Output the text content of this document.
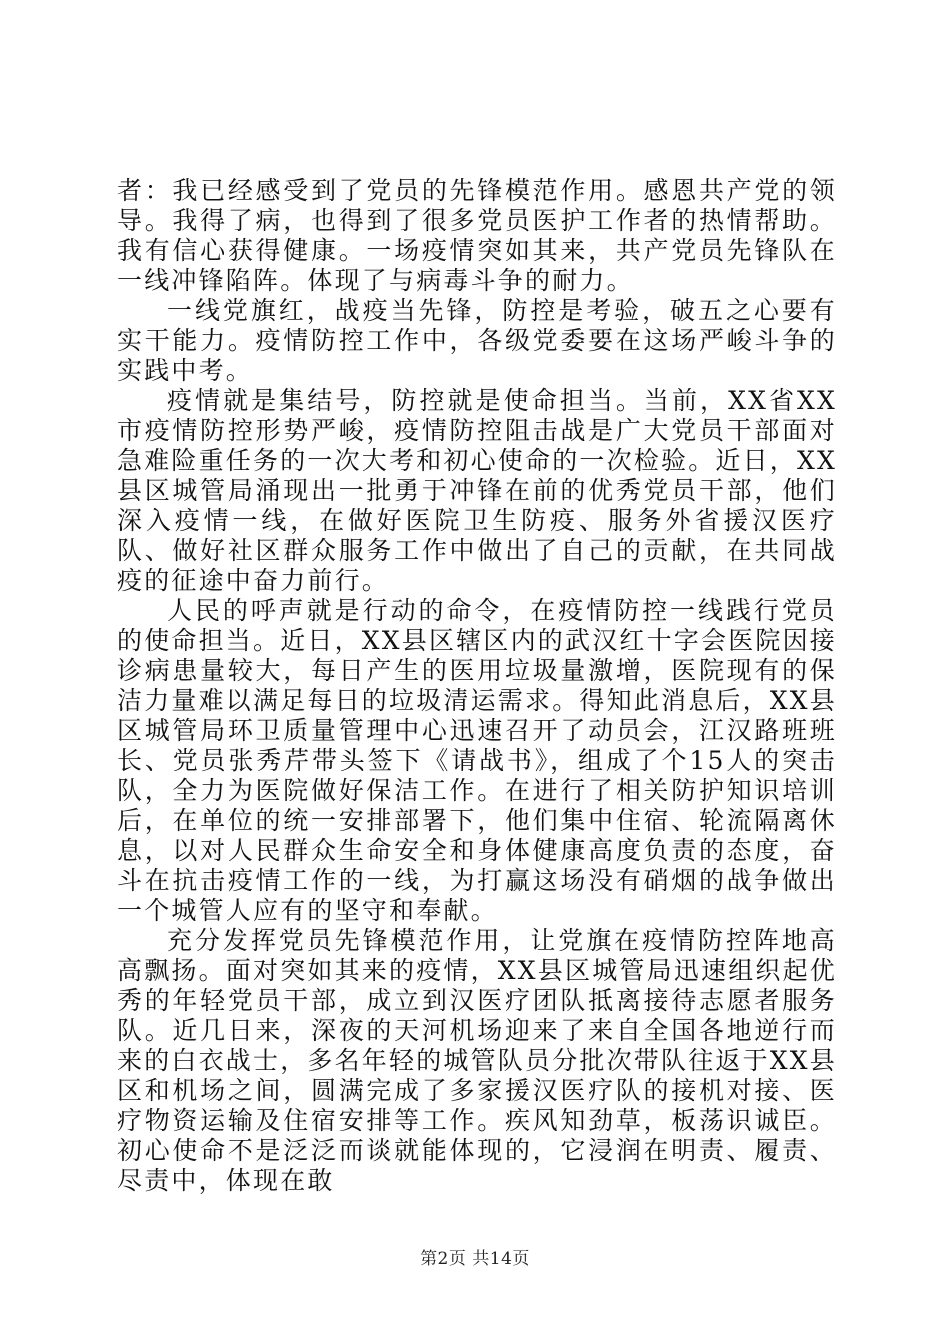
者：我已经感受到了党员的先锋模范作用。感恩共产党的领导。我得了病，也得到了很多党员医护工作者的热情帮助。我有信心获得健康。一场疫情突如其来，共产党员先锋队在一线冲锋陷阵。体现了与病毒斗争的耐力。

一线党旗红，战疫当先锋，防控是考验，破五之心要有实干能力。疫情防控工作中，各级党委要在这场严峻斗争的实践中考。

疫情就是集结号，防控就是使命担当。当前，XX省XX市疫情防控形势严峻，疫情防控阻击战是广大党员干部面对急难险重任务的一次大考和初心使命的一次检验。近日，XX县区城管局涌现出一批勇于冲锋在前的优秀党员干部，他们深入疫情一线，在做好医院卫生防疫、服务外省援汉医疗队、做好社区群众服务工作中做出了自己的贡献，在共同战疫的征途中奋力前行。

人民的呼声就是行动的命令，在疫情防控一线践行党员的使命担当。近日，XX县区辖区内的武汉红十字会医院因接诊病患量较大，每日产生的医用垃圾量激增，医院现有的保洁力量难以满足每日的垃圾清运需求。得知此消息后，XX县区城管局环卫质量管理中心迅速召开了动员会，江汉路班班长、党员张秀芹带头签下《请战书》，组成了个15人的突击队，全力为医院做好保洁工作。在进行了相关防护知识培训后，在单位的统一安排部署下，他们集中住宿、轮流隔离休息，以对人民群众生命安全和身体健康高度负责的态度，奋斗在抗击疫情工作的一线，为打赢这场没有硝烟的战争做出一个城管人应有的坚守和奉献。

充分发挥党员先锋模范作用，让党旗在疫情防控阵地高高飘扬。面对突如其来的疫情，XX县区城管局迅速组织起优秀的年轻党员干部，成立到汉医疗团队抵离接待志愿者服务队。近几日来，深夜的天河机场迎来了来自全国各地逆行而来的白衣战士，多名年轻的城管队员分批次带队往返于XX县区和机场之间，圆满完成了多家援汉医疗队的接机对接、医疗物资运输及住宿安排等工作。疾风知劲草，板荡识诚臣。初心使命不是泛泛而谈就能体现的，它浸润在明责、履责、尽责中，体现在敢

第2页 共14页
